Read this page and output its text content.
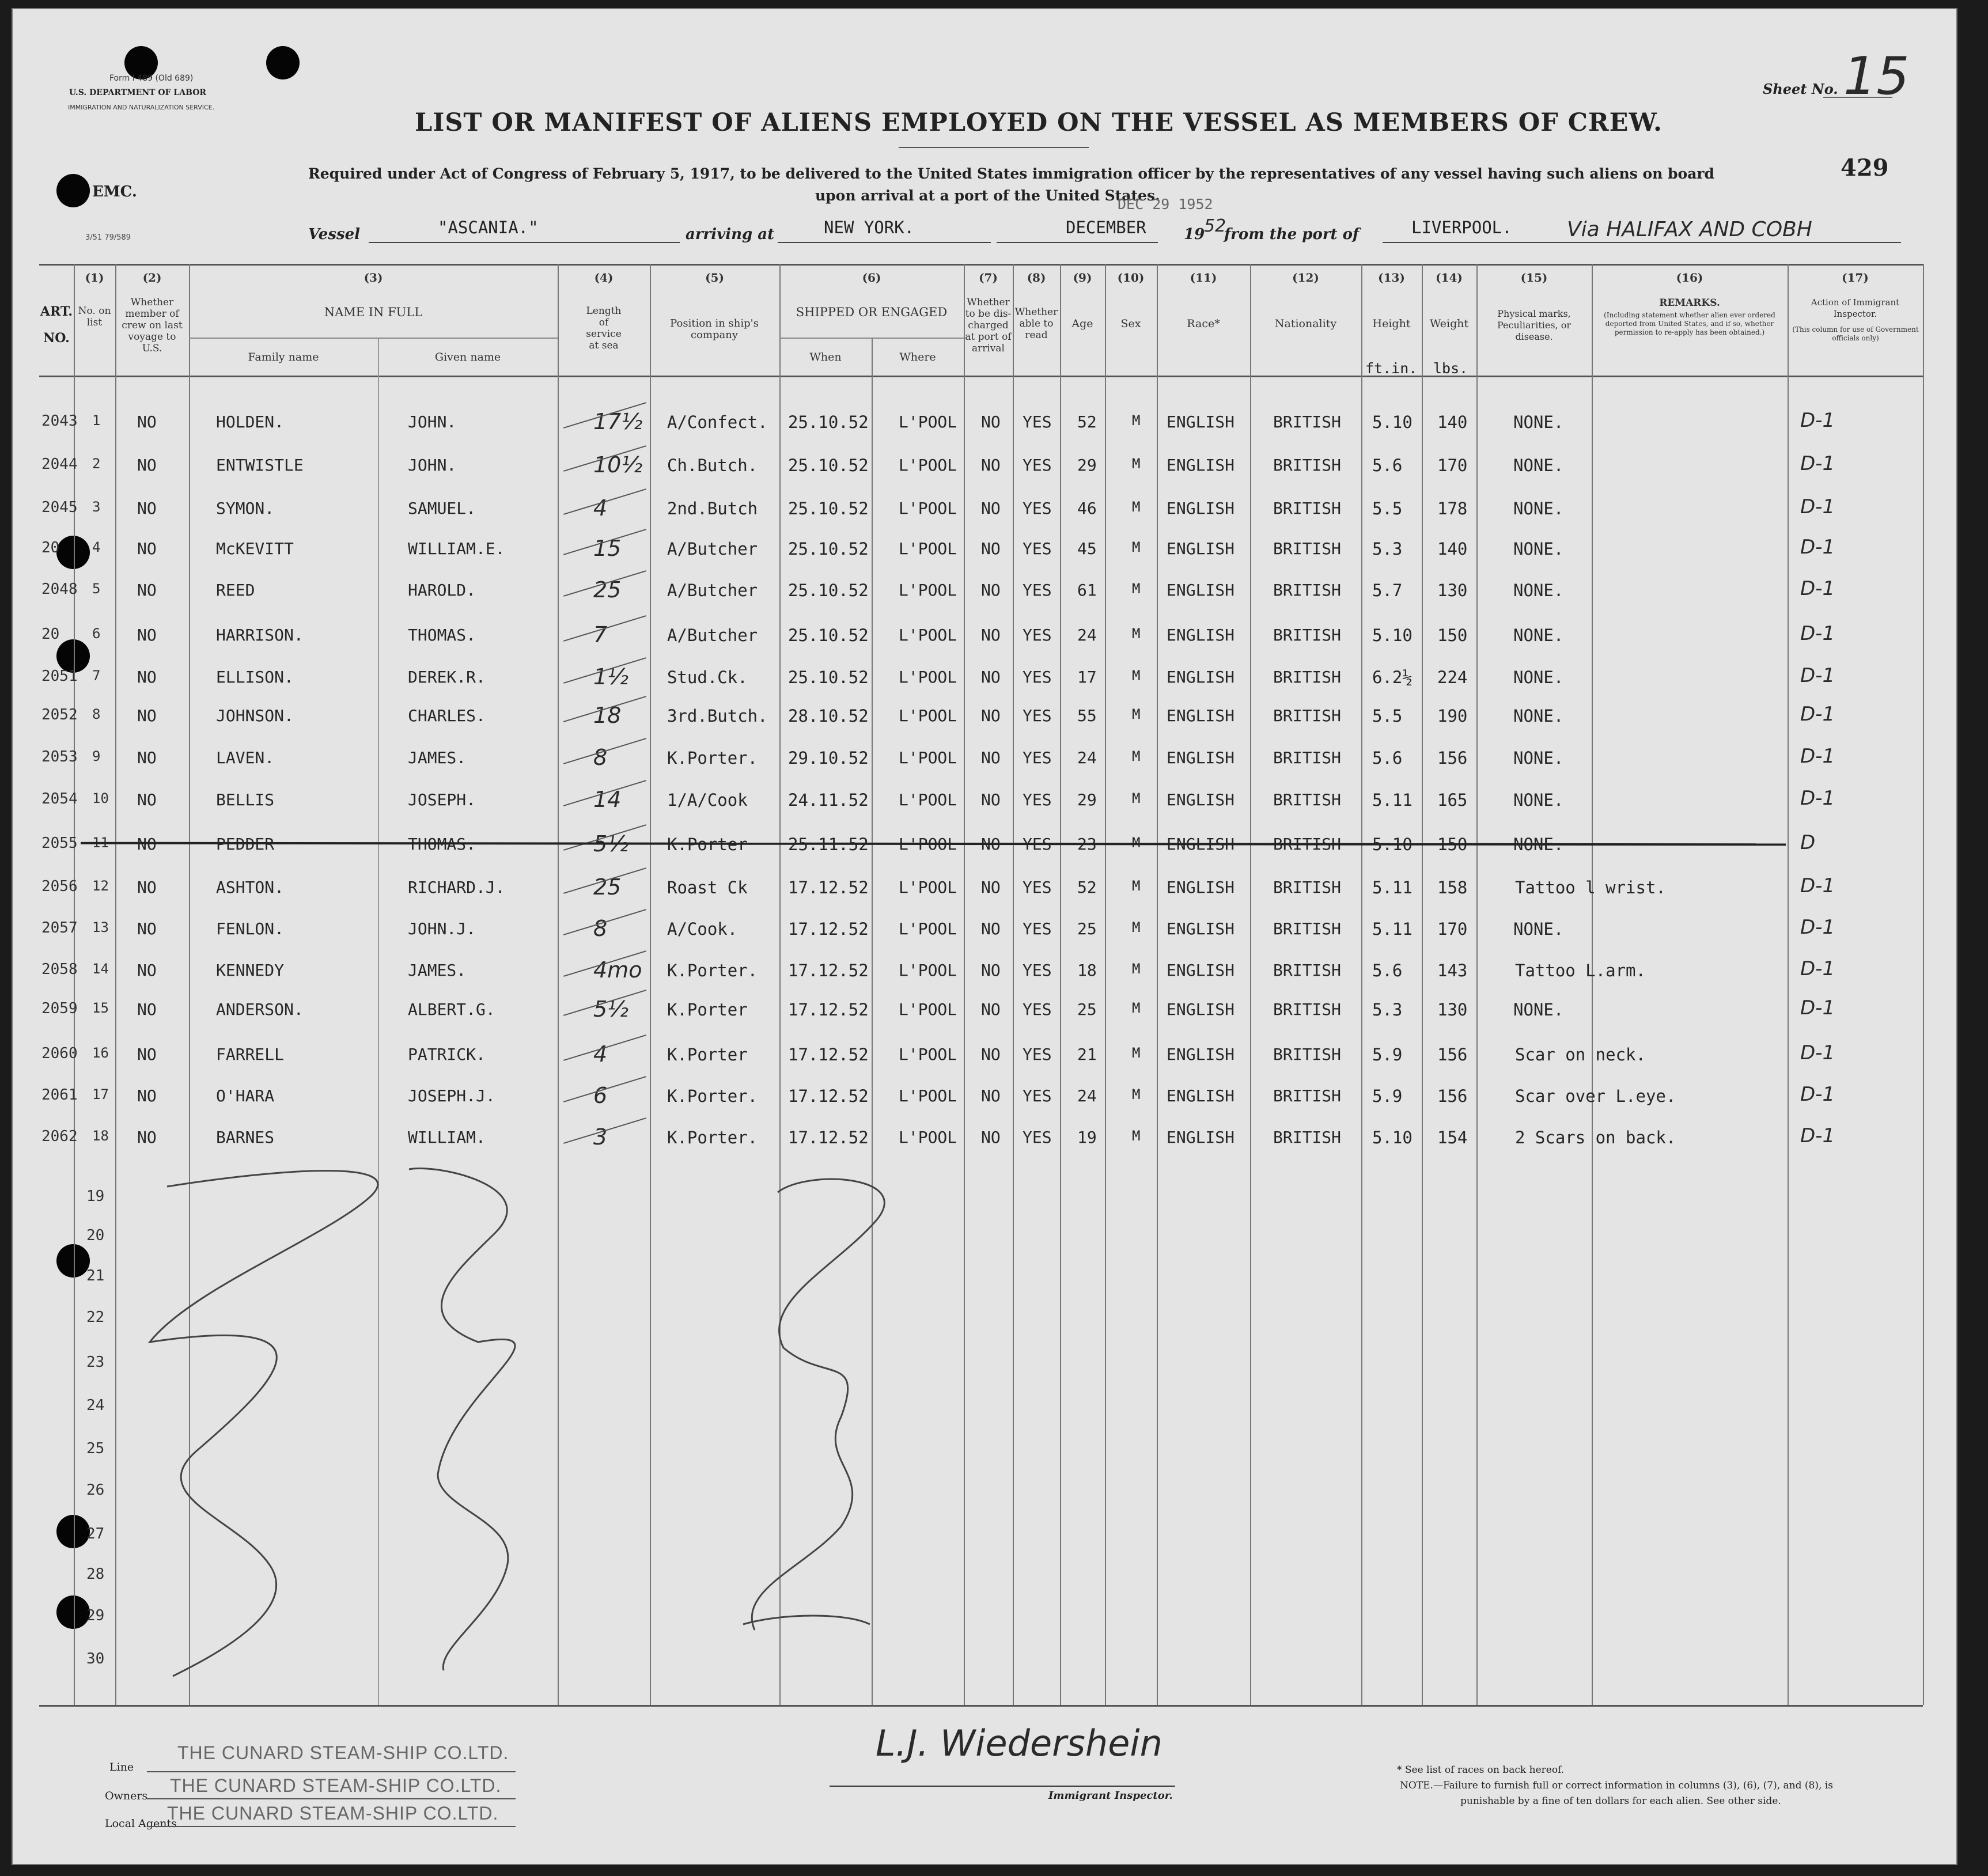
Form I 489 (Old 689)
U.S. DEPARTMENT OF LABOR
IMMIGRATION AND NATURALIZATION SERVICE.
EMC.
3/51 79/589
Sheet No. 15
429
LIST OR MANIFEST OF ALIENS EMPLOYED ON THE VESSEL AS MEMBERS OF CREW.
Required under Act of Congress of February 5, 1917, to be delivered to the United States immigration officer by the representatives of any vessel having such aliens on board
upon arrival at a port of the United States.
Vessel	"ASCANIA."	arriving at	NEW YORK.	DECEMBER
DEC 29 1952
19
52
from the port of	LIVERPOOL.	Via HALIFAX AND COBH
ART. NO.
(1)
No. on list
(2)
Whether member of crew on last voyage to U.S.
(3)
NAME IN FULL
Family name	Given name
(4)
Length of service at sea
(5)
Position in ship's company
(6)
SHIPPED OR ENGAGED
When	Where
(7)
Whether to be dis-charged at port of arrival
(8)
Whether able to read
(9)
Age
(10)
Sex
(11)
Race*
(12)
Nationality
(13)
Height
ft.in.
(14)
Weight
lbs.
(15)
Physical marks, Peculiarities, or disease.
(16)
REMARKS.
(Including statement whether alien ever ordered deported from United States, and if so, whether permission to re-apply has been obtained.)
(17)
Action of Immigrant Inspector.
(This column for use of Government officials only)
2043 1 NO	HOLDEN.	JOHN.	17½ A/Confect. 25.10.52 L'POOL NO YES 52	M ENGLISH BRITISH 5.10 140	NONE.	D-1
2044 2 NO	ENTWISTLE	JOHN.	10½ Ch.Butch. 25.10.52 L'POOL NO YES 29	M ENGLISH BRITISH 5.6 170	NONE.	D-1
2045 3 NO	SYMON.	SAMUEL.	4	2nd.Butch 25.10.52 L'POOL NO YES 46	M ENGLISH BRITISH 5.5 178	NONE.	D-1
20 4 NO	McKEVITT	WILLIAM.E.	15	A/Butcher 25.10.52 L'POOL NO YES 45	M ENGLISH BRITISH 5.3 140	NONE.	D-1
2048 5 NO	REED	HAROLD.	25	A/Butcher 25.10.52 L'POOL NO YES 61	M ENGLISH BRITISH 5.7 130	NONE.	D-1
20 6 NO	HARRISON.	THOMAS.	7	A/Butcher 25.10.52 L'POOL NO YES 24	M ENGLISH BRITISH 5.10 150	NONE.	D-1
2051 7 NO	ELLISON.	DEREK.R.	1½ Stud.Ck. 25.10.52 L'POOL NO YES 17	M ENGLISH BRITISH 6.2½ 224	NONE.	D-1
2052 8 NO	JOHNSON.	CHARLES.	18	3rd.Butch. 28.10.52 L'POOL NO YES 55	M ENGLISH BRITISH 5.5 190	NONE.	D-1
2053 9 NO	LAVEN.	JAMES.	8	K.Porter. 29.10.52 L'POOL NO YES 24	M ENGLISH BRITISH 5.6 156	NONE.	D-1
2054 10 NO	BELLIS	JOSEPH.	14	1/A/Cook 24.11.52 L'POOL NO YES 29	M ENGLISH BRITISH 5.11 165	NONE.	D-1
2055 11 NO	PEDDER	THOMAS.	5½ K.Porter 25.11.52 L'POOL NO YES 23	M ENGLISH BRITISH 5.10 150	NONE.	D
2056 12 NO	ASHTON.	RICHARD.J.	25	Roast Ck 17.12.52 L'POOL NO YES 52	M ENGLISH BRITISH 5.11 158	Tattoo l wrist.	D-1
2057 13 NO	FENLON.	JOHN.J.	8	A/Cook.	17.12.52 L'POOL NO YES 25	M ENGLISH BRITISH 5.11 170	NONE.	D-1
2058 14 NO	KENNEDY	JAMES.	4mo K.Porter. 17.12.52 L'POOL NO YES 18	M ENGLISH BRITISH 5.6 143	Tattoo L.arm.	D-1
2059 15 NO	ANDERSON.	ALBERT.G.	5½ K.Porter 17.12.52 L'POOL NO YES 25	M ENGLISH BRITISH 5.3 130	NONE.	D-1
2060 16 NO	FARRELL	PATRICK.	4	K.Porter 17.12.52 L'POOL NO YES 21	M ENGLISH BRITISH 5.9 156	Scar on neck.	D-1
2061 17 NO	O'HARA	JOSEPH.J.	6	K.Porter. 17.12.52 L'POOL NO YES 24	M ENGLISH BRITISH 5.9 156	Scar over L.eye.	D-1
2062 18 NO	BARNES	WILLIAM.	3	K.Porter. 17.12.52 L'POOL NO YES 19	M ENGLISH BRITISH 5.10 154	2 Scars on back.	D-1
19
20
21
22
23
24
25
26
27
28
29
30
Line
Owners
Local Agents
THE CUNARD STEAM-SHIP CO.LTD.
THE CUNARD STEAM-SHIP CO.LTD.
THE CUNARD STEAM-SHIP CO.LTD.
L.J. Wiedershein
Immigrant Inspector.
* See list of races on back hereof.
NOTE.—Failure to furnish full or correct information in columns (3), (6), (7), and (8), is
punishable by a fine of ten dollars for each alien. See other side.
